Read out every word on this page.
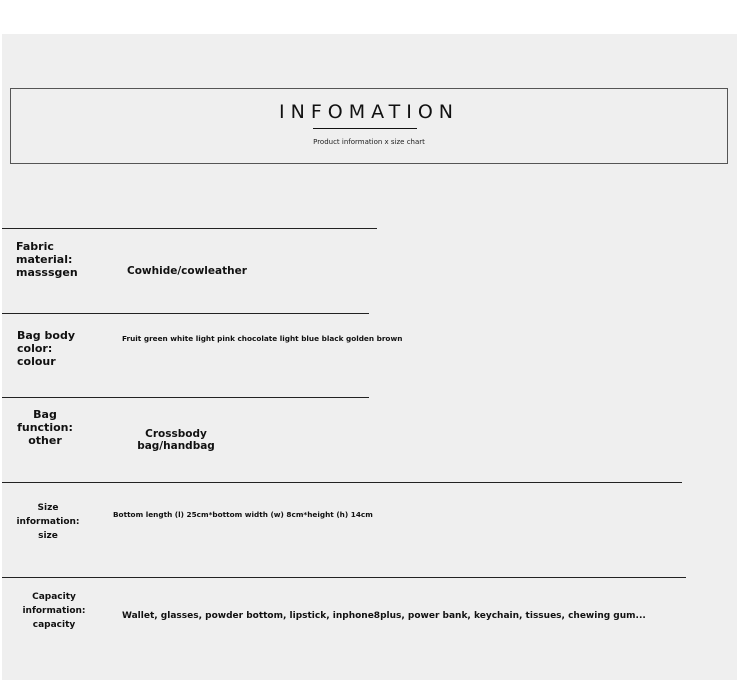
INFOMATION
Product information x size chart
Fabric
material:
masssgen	Cowhide/cowleather
Bag body
color:
colour
Fruit green white light pink chocolate light blue black golden brown
Bag
function:
other	Crossbody
bag/handbag
Size
information:
size
Bottom length (l) 25cm*bottom width (w) 8cm*height (h) 14cm
Capacity
information:
capacity
Wallet, glasses, powder bottom, lipstick, inphone8plus, power bank, keychain, tissues, chewing gum...
